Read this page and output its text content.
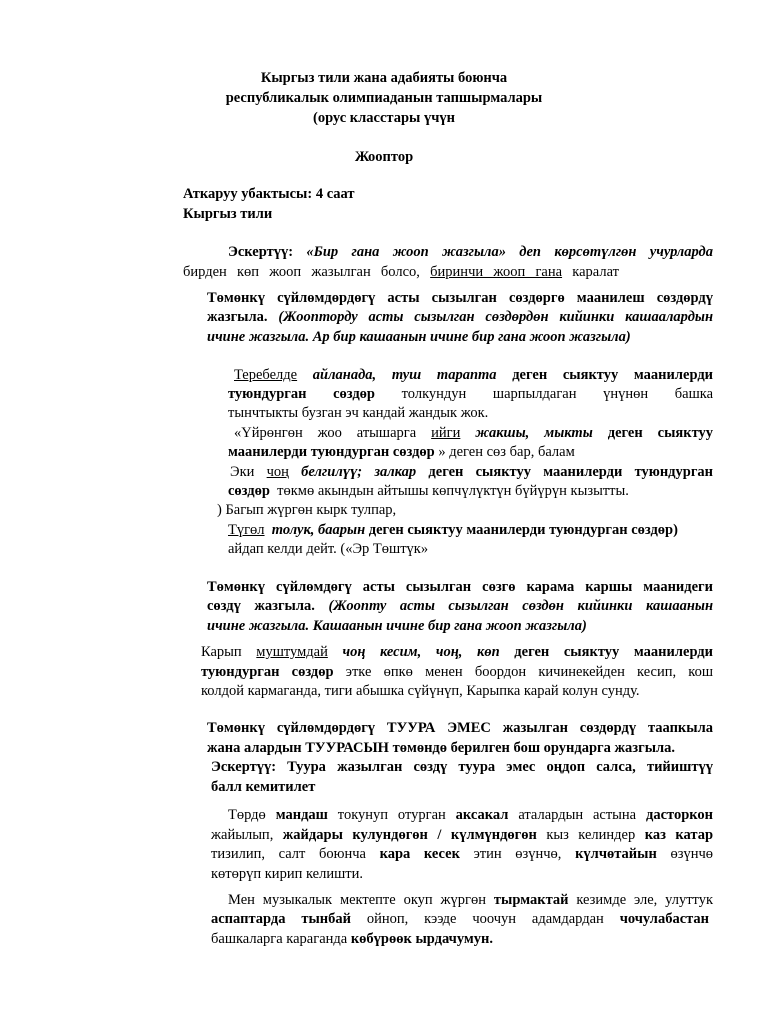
Кыргыз тили жана адабияты боюнча
республикалык олимпиаданын тапшырмалары
(орус класстары үчүн
Жооптор
Аткаруу убактысы: 4 саат
Кыргыз тили
Эскертүү: «Бир гана жооп жазгыла» деп көрсөтүлгөн учурларда
бирден көп жооп жазылган болсо, биринчи жооп гана каралат
Төмөнкү сүйлөмдөрдөгү асты сызылган сөздөргө маанилеш сөздөрдү
жазгыла. (Жоопторду асты сызылган сөздөрдөн кийинки кашаалардын
ичине жазгыла. Ар бир кашаанын ичине бир гана жооп жазгыла)
Теребелде айланада, туш тарапта деген сыяктуу маанилерди
туюндурган сөздөр толкундун шарпылдаган үнүнөн башка
тынчтыкты бузган эч кандай жандык жок.
«Үйрөнгөн жоо атышарга ийги жакшы, мыкты деген сыяктуу
маанилерди туюндурган сөздөр » деген сөз бар, балам
Эки чоң белгилүү; залкар деген сыяктуу маанилерди туюндурган
сөздөр төкмө акындын айтышы көпчүлүктүн бүйүрүн кызытты.
) Багып жүргөн кырк тулпар,
Түгөл толук, баарын деген сыяктуу маанилерди туюндурган сөздөр)
айдап келди дейт. («Эр Төштүк»
Төмөнкү сүйлөмдөгү асты сызылган сөзгө карама каршы маанидеги
сөздү жазгыла. (Жоопту асты сызылган сөздөн кийинки кашаанын
ичине жазгыла. Кашаанын ичине бир гана жооп жазгыла)
Карып муштумдай чоң кесим, чоң, көп деген сыяктуу маанилерди
туюндурган сөздөр этке өпкө менен боордон кичинекейден кесип, кош
колдой кармаганда, тиги абышка сүйүнүп, Карыпка карай колун сунду.
Төмөнкү сүйлөмдөрдөгү ТУУРА ЭМЕС жазылган сөздөрдү таапкыла
жана алардын ТУУРАСЫН төмөндө берилген бош орундарга жазгыла.
Эскертүү: Туура жазылган сөздү туура эмес оңдоп салса, тийиштүү
балл кемитилет
Төрдө мандаш токунуп отурган аксакал аталардын астына дасторкон
жайылып, жайдары кулундөгөн / күлмүндөгөн кыз келиндер каз катар
тизилип, салт боюнча кара кесек этин өзүнчө, күлчөтайын өзүнчө
көтөрүп кирип келишти.
Мен музыкалык мектепте окуп жүргөн тырмактай кезимде эле, улуттук
аспаптарда тынбай ойноп, кээде чоочун адамдардан чочулабастан
башкаларга караганда көбүрөөк ырдачумун.
